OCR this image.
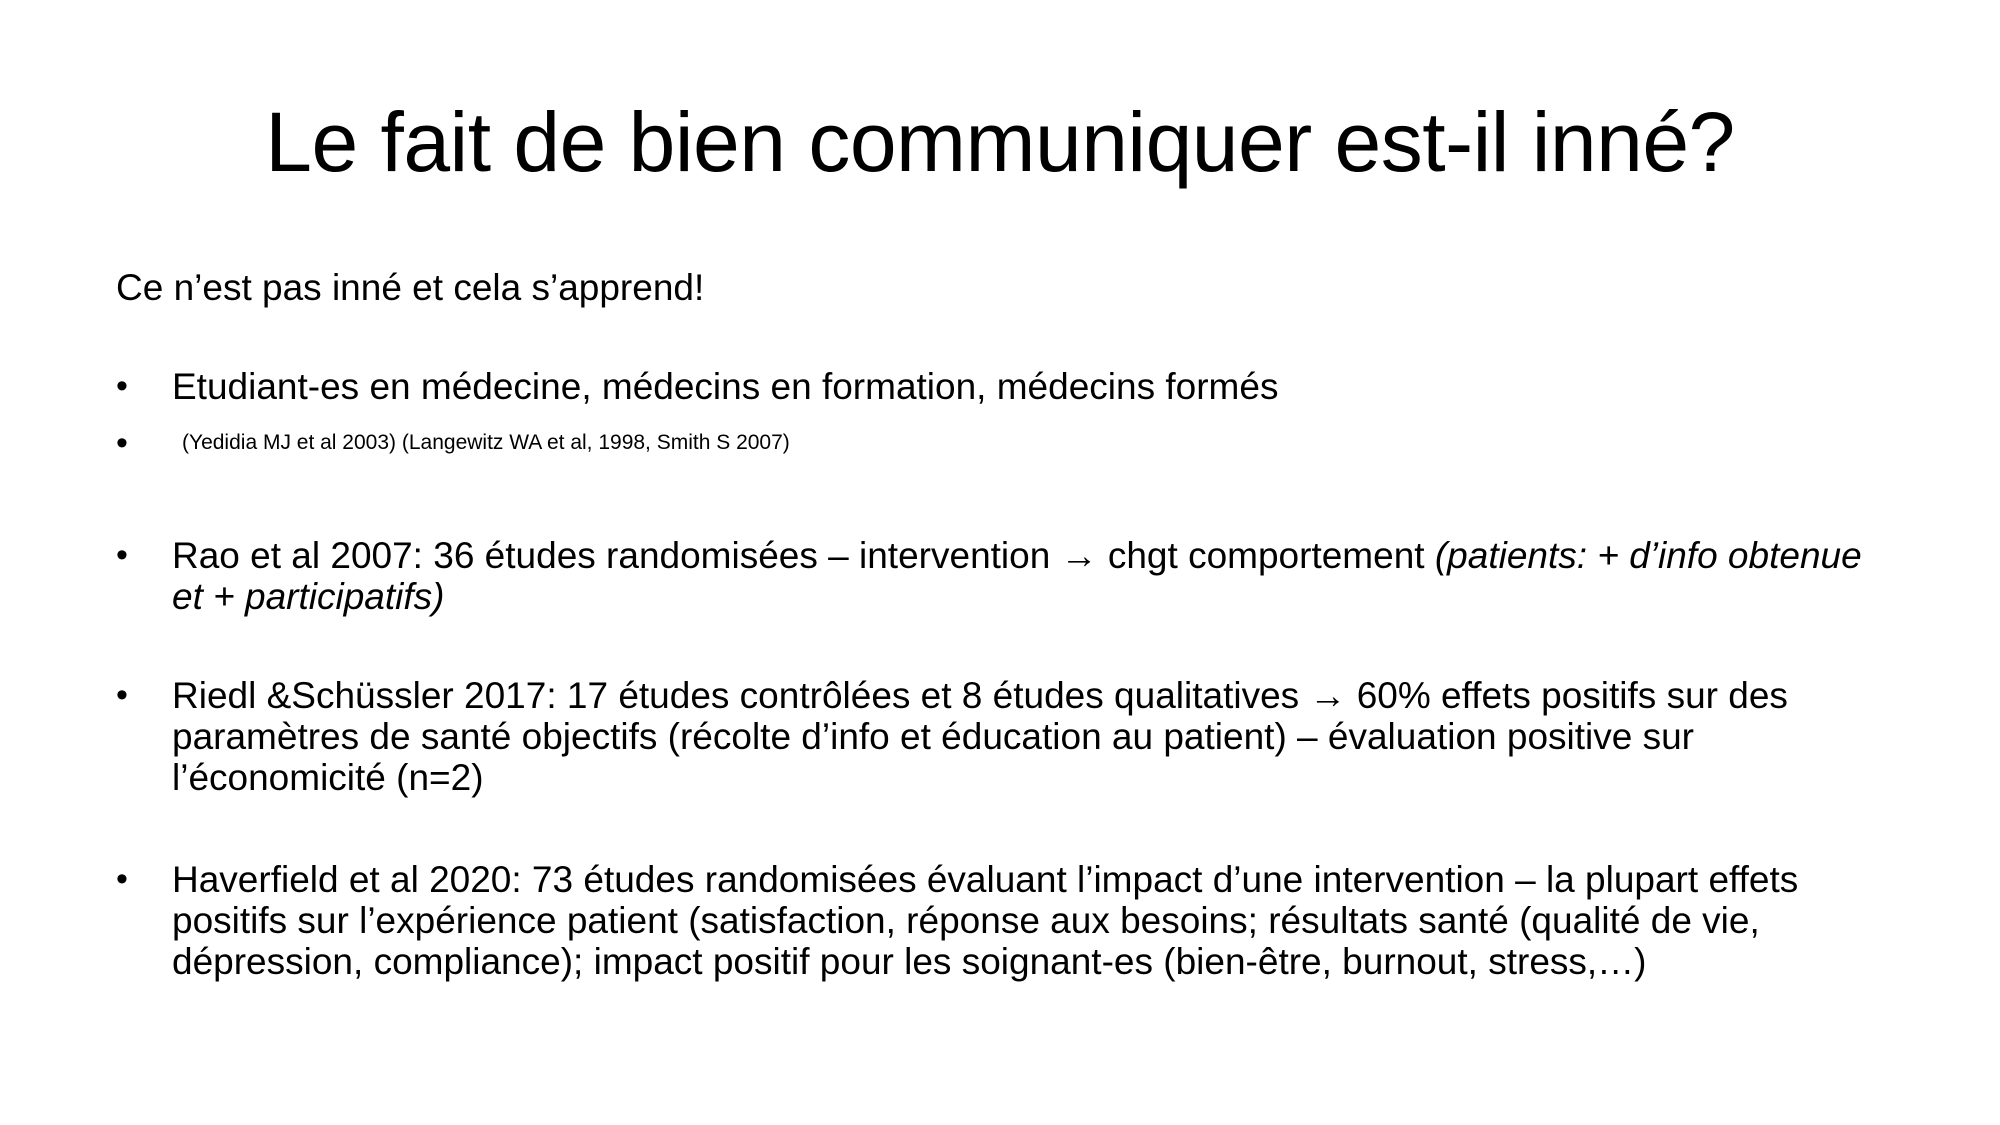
Le fait de bien communiquer est-il inné?
Ce n’est pas inné et cela s’apprend!
•	Etudiant-es en médecine, médecins en formation, médecins formés
•	(Yedidia MJ et al 2003) (Langewitz WA et al, 1998, Smith S 2007)
•	Rao et al 2007: 36 études randomisées – intervention → chgt comportement (patients: + d’info obtenue et + participatifs)
•	Riedl &Schüssler 2017: 17 études contrôlées et 8 études qualitatives → 60% effets positifs sur des paramètres de santé objectifs (récolte d’info et éducation au patient) – évaluation positive sur l’économicité (n=2)
•	Haverfield et al 2020: 73 études randomisées évaluant l’impact d’une intervention – la plupart effets positifs sur l’expérience patient (satisfaction, réponse aux besoins; résultats santé (qualité de vie, dépression, compliance); impact positif pour les soignant-es (bien-être, burnout, stress,…)
